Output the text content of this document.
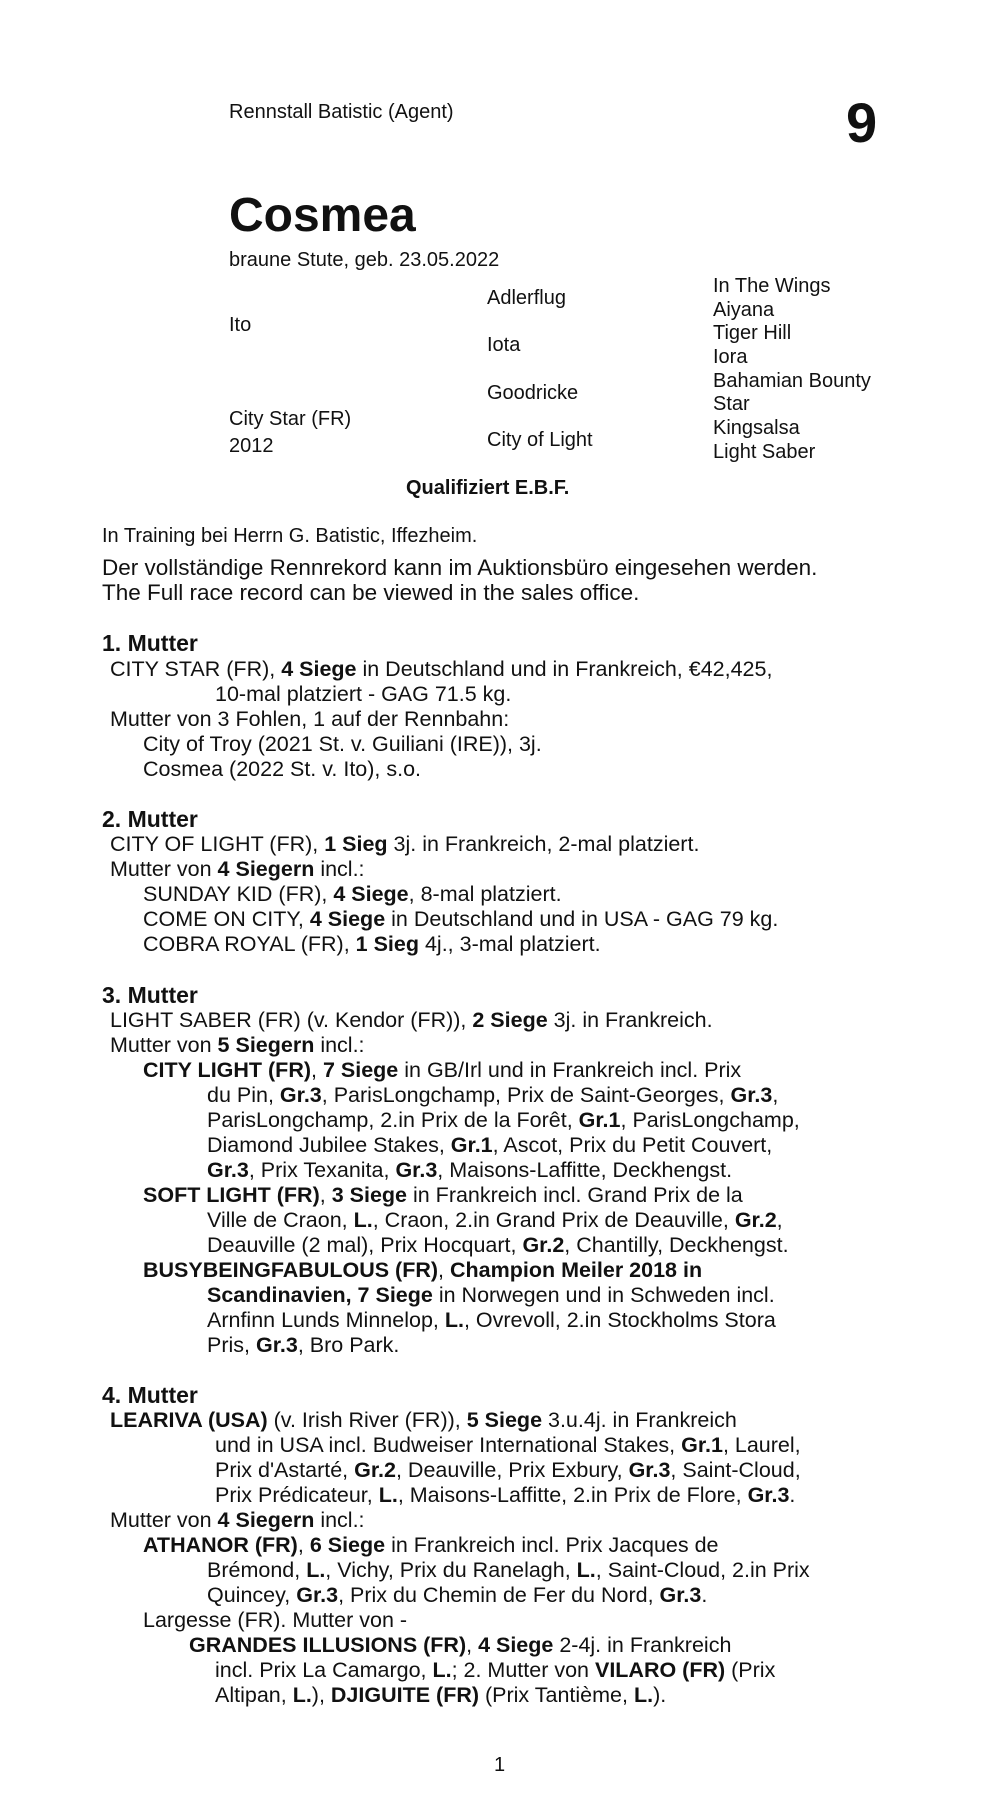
Rennstall Batistic (Agent)	9
Cosmea
braune Stute, geb. 23.05.2022
Ito
City Star (FR)
2012
Adlerflug
Iota
Goodricke
City of Light
In The Wings
Aiyana
Tiger Hill
Iora
Bahamian Bounty
Star
Kingsalsa
Light Saber
Qualifiziert E.B.F.
In Training bei Herrn G. Batistic, Iffezheim.
Der vollständige Rennrekord kann im Auktionsbüro eingesehen werden.
The Full race record can be viewed in the sales office.
1. Mutter
CITY STAR (FR), 4 Siege in Deutschland und in Frankreich, €42,425,
10-mal platziert - GAG 71.5 kg.
Mutter von 3 Fohlen, 1 auf der Rennbahn:
City of Troy (2021 St. v. Guiliani (IRE)), 3j.
Cosmea (2022 St. v. Ito), s.o.
2. Mutter
CITY OF LIGHT (FR), 1 Sieg 3j. in Frankreich, 2-mal platziert.
Mutter von 4 Siegern incl.:
SUNDAY KID (FR), 4 Siege, 8-mal platziert.
COME ON CITY, 4 Siege in Deutschland und in USA - GAG 79 kg.
COBRA ROYAL (FR), 1 Sieg 4j., 3-mal platziert.
3. Mutter
LIGHT SABER (FR) (v. Kendor (FR)), 2 Siege 3j. in Frankreich.
Mutter von 5 Siegern incl.:
CITY LIGHT (FR), 7 Siege in GB/Irl und in Frankreich incl. Prix
du Pin, Gr.3, ParisLongchamp, Prix de Saint-Georges, Gr.3,
ParisLongchamp, 2.in Prix de la Forêt, Gr.1, ParisLongchamp,
Diamond Jubilee Stakes, Gr.1, Ascot, Prix du Petit Couvert,
Gr.3, Prix Texanita, Gr.3, Maisons-Laffitte, Deckhengst.
SOFT LIGHT (FR), 3 Siege in Frankreich incl. Grand Prix de la
Ville de Craon, L., Craon, 2.in Grand Prix de Deauville, Gr.2,
Deauville (2 mal), Prix Hocquart, Gr.2, Chantilly, Deckhengst.
BUSYBEINGFABULOUS (FR), Champion Meiler 2018 in
Scandinavien, 7 Siege in Norwegen und in Schweden incl.
Arnfinn Lunds Minnelop, L., Ovrevoll, 2.in Stockholms Stora
Pris, Gr.3, Bro Park.
4. Mutter
LEARIVA (USA) (v. Irish River (FR)), 5 Siege 3.u.4j. in Frankreich
und in USA incl. Budweiser International Stakes, Gr.1, Laurel,
Prix d'Astarté, Gr.2, Deauville, Prix Exbury, Gr.3, Saint-Cloud,
Prix Prédicateur, L., Maisons-Laffitte, 2.in Prix de Flore, Gr.3.
Mutter von 4 Siegern incl.:
ATHANOR (FR), 6 Siege in Frankreich incl. Prix Jacques de
Brémond, L., Vichy, Prix du Ranelagh, L., Saint-Cloud, 2.in Prix
Quincey, Gr.3, Prix du Chemin de Fer du Nord, Gr.3.
Largesse (FR). Mutter von -
GRANDES ILLUSIONS (FR), 4 Siege 2-4j. in Frankreich
incl. Prix La Camargo, L.; 2. Mutter von VILARO (FR) (Prix
Altipan, L.), DJIGUITE (FR) (Prix Tantième, L.).
1
